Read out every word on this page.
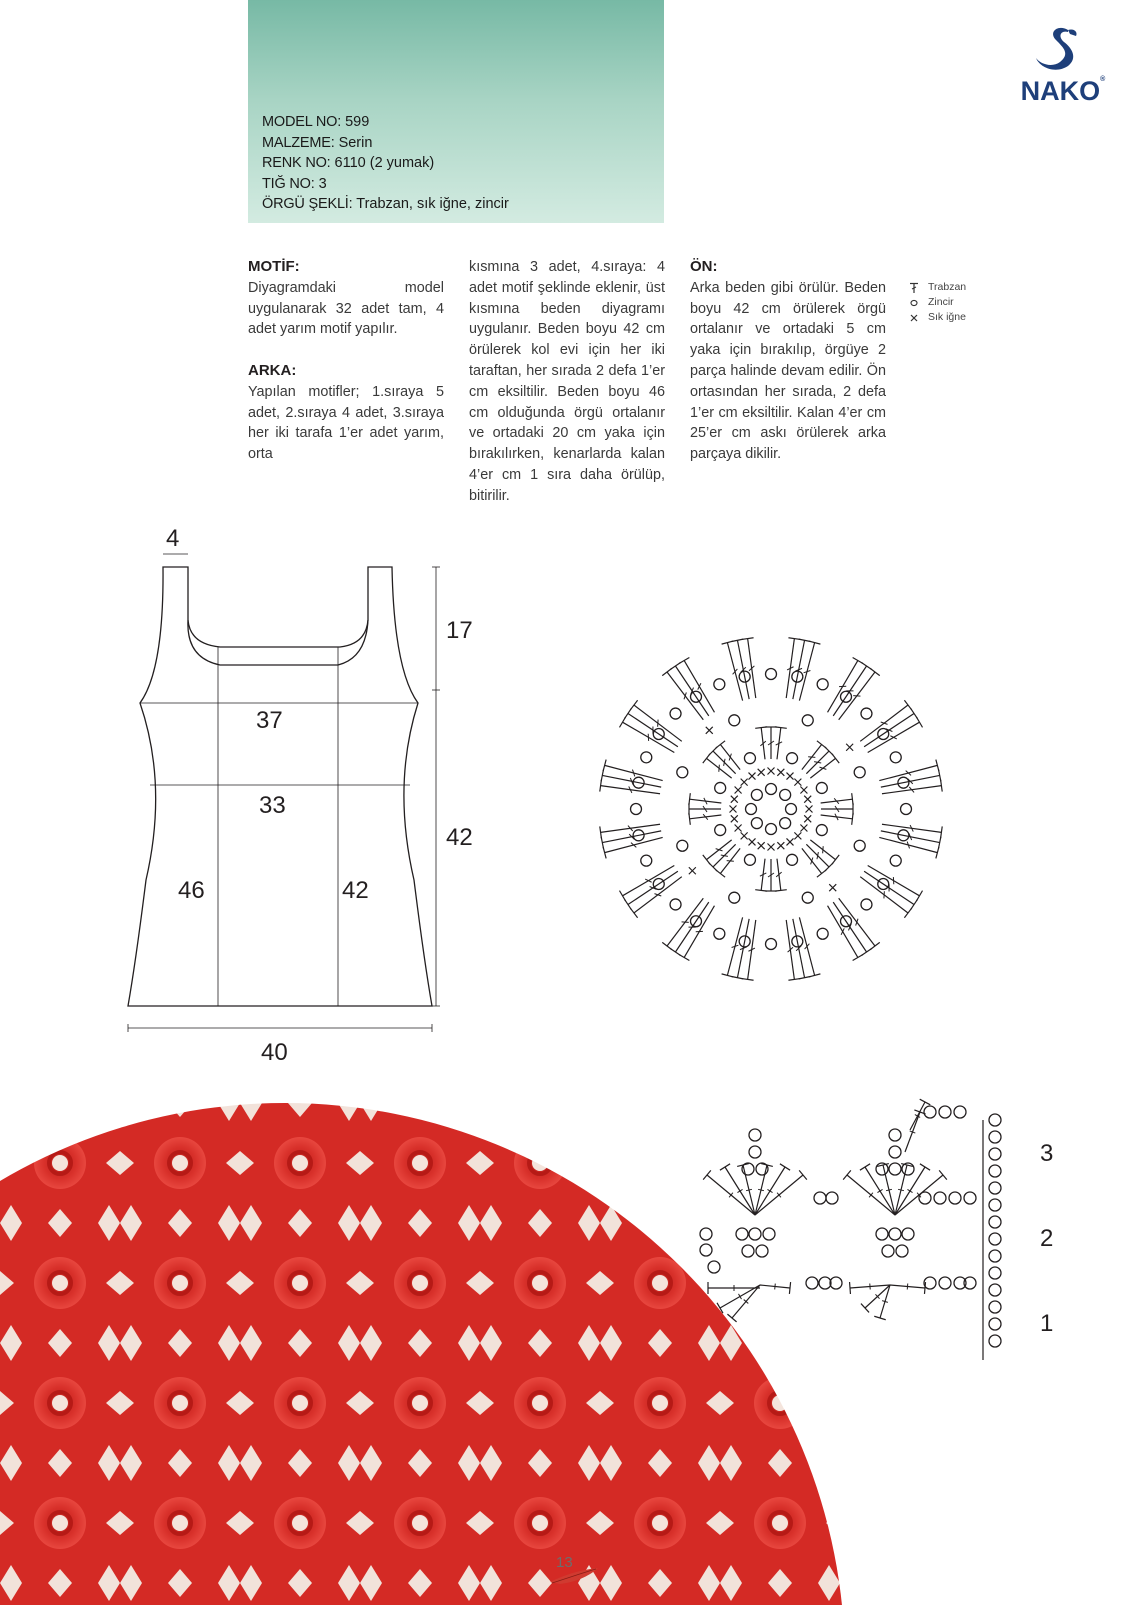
MODEL NO: 599
MALZEME: Serin
RENK NO: 6110 (2 yumak)
TIĞ NO: 3
ÖRGÜ ŞEKLİ: Trabzan, sık iğne, zincir
NAKO®
MOTİF:

Diyagramdaki model uygulanarak 32 adet tam, 4 adet yarım motif yapılır.

ARKA:

Yapılan motifler; 1.sıraya 5 adet, 2.sıraya 4 adet, 3.sıraya her iki tarafa 1’er adet yarım, orta

kısmına 3 adet, 4.sıraya: 4 adet motif şeklinde eklenir, üst kısmına beden diyagramı uygulanır. Beden boyu 42 cm örülerek kol evi için her iki taraftan, her sırada 2 defa 1’er cm eksiltilir. Beden boyu 46 cm olduğunda örgü ortalanır ve ortadaki 20 cm yaka için bırakılırken, kenarlarda kalan 4’er cm 1 sıra daha örülüp, bitirilir.

ÖN:

Arka beden gibi örülür. Beden boyu 42 cm örülerek örgü ortalanır ve ortadaki 5 cm yaka için bırakılıp, örgüye 2 parça halinde devam edilir. Ön ortasından her sırada, 2 defa 1’er cm eksiltilir. Kalan 4’er cm 25’er cm askı örülerek arka parçaya dikilir.

Trabzan
Zincir
Sık iğne
4
17
37
33
42
46	42
40
3
2
1
13
